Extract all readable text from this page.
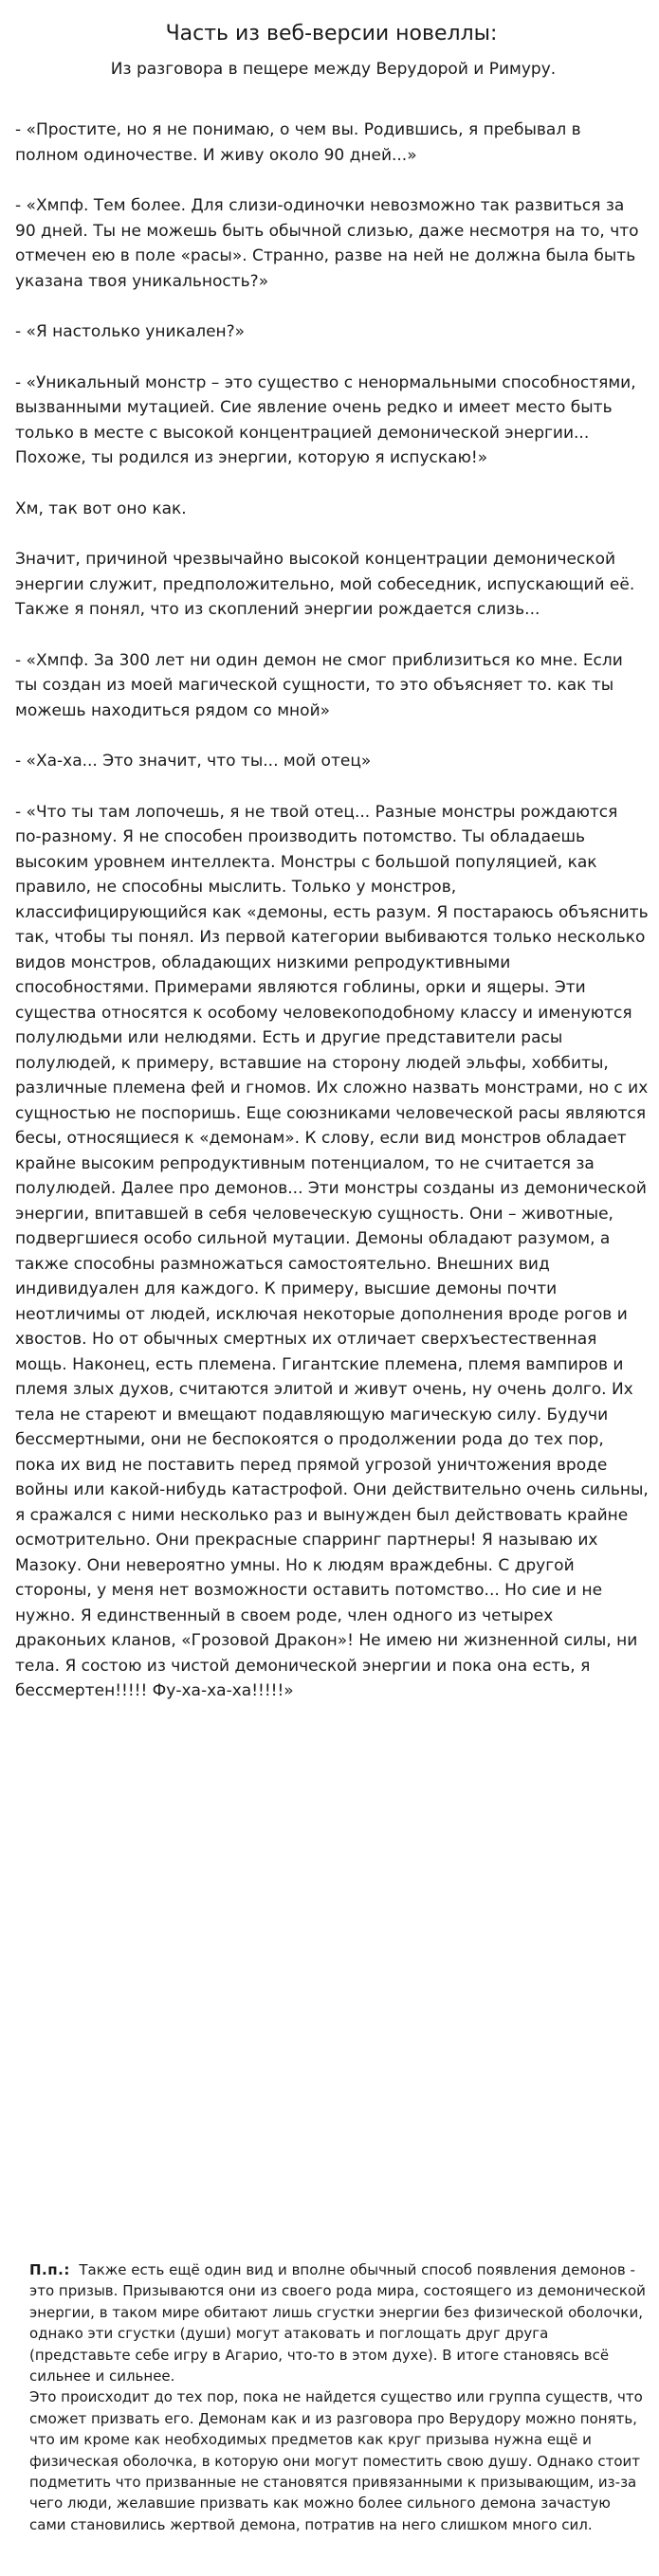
Часть из веб-версии новеллы:
Из разговора в пещере между Верудорой и Римуру.

- «Простите, но я не понимаю, о чем вы. Родившись, я пребывал в полном одиночестве. И живу около 90 дней...»

- «Хмпф. Тем более. Для слизи-одиночки невозможно так развиться за 90 дней. Ты не можешь быть обычной слизью, даже несмотря на то, что отмечен ею в поле «расы». Странно, разве на ней не должна была быть указана твоя уникальность?»

- «Я настолько уникален?»

- «Уникальный монстр – это существо с ненормальными способностями, вызванными мутацией. Сие явление очень редко и имеет место быть только в месте с высокой концентрацией демонической энергии... Похоже, ты родился из энергии, которую я испускаю!»

Хм, так вот оно как.

Значит, причиной чрезвычайно высокой концентрации демонической энергии служит, предположительно, мой собеседник, испускающий её. Также я понял, что из скоплений энергии рождается слизь...

- «Хмпф. За 300 лет ни один демон не смог приблизиться ко мне. Если ты создан из моей магической сущности, то это объясняет то. как ты можешь находиться рядом со мной»

- «Ха-ха... Это значит, что ты... мой отец»

- «Что ты там лопочешь, я не твой отец... Разные монстры рождаются по-разному. Я не способен производить потомство. Ты обладаешь высоким уровнем интеллекта. Монстры с большой популяцией, как правило, не способны мыслить. Только у монстров, классифицирующийся как «демоны, есть разум. Я постараюсь объяснить так, чтобы ты понял. Из первой категории выбиваются только несколько видов монстров, обладающих низкими репродуктивными способностями. Примерами являются гоблины, орки и ящеры. Эти существа относятся к особому человекоподобному классу и именуются полулюдьми или нелюдями. Есть и другие представители расы полулюдей, к примеру, вставшие на сторону людей эльфы, хоббиты, различные племена фей и гномов. Их сложно назвать монстрами, но с их сущностью не поспоришь. Еще союзниками человеческой расы являются бесы, относящиеся к «демонам». К слову, если вид монстров обладает крайне высоким репродуктивным потенциалом, то не считается за полулюдей. Далее про демонов... Эти монстры созданы из демонической энергии, впитавшей в себя человеческую сущность. Они – животные, подвергшиеся особо сильной мутации. Демоны обладают разумом, а также способны размножаться самостоятельно. Внешних вид индивидуален для каждого. К примеру, высшие демоны почти неотличимы от людей, исключая некоторые дополнения вроде рогов и хвостов. Но от обычных смертных их отличает сверхъестественная мощь. Наконец, есть племена. Гигантские племена, племя вампиров и племя злых духов, считаются элитой и живут очень, ну очень долго. Их тела не стареют и вмещают подавляющую магическую силу. Будучи бессмертными, они не беспокоятся о продолжении рода до тех пор, пока их вид не поставить перед прямой угрозой уничтожения вроде войны или какой-нибудь катастрофой. Они действительно очень сильны, я сражался с ними несколько раз и вынужден был действовать крайне осмотрительно. Они прекрасные спарринг партнеры! Я называю их Мазоку. Они невероятно умны. Но к людям враждебны. С другой стороны, у меня нет возможности оставить потомство... Но сие и не нужно. Я единственный в своем роде, член одного из четырех драконьих кланов, «Грозовой Дракон»! Не имею ни жизненной силы, ни тела. Я состою из чистой демонической энергии и пока она есть, я бессмертен!!!!! Фу-ха-ха-ха!!!!!»

П.п.: Также есть ещё один вид и вполне обычный способ появления демонов - это призыв. Призываются они из своего рода мира, состоящего из демонической энергии, в таком мире обитают лишь сгустки энергии без физической оболочки, однако эти сгустки (души) могут атаковать и поглощать друг друга (представьте себе игру в Агарио, что-то в этом духе). В итоге становясь всё сильнее и сильнее.

Это происходит до тех пор, пока не найдется существо или группа существ, что сможет призвать его. Демонам как и из разговора про Верудору можно понять, что им кроме как необходимых предметов как круг призыва нужна ещё и физическая оболочка, в которую они могут поместить свою душу. Однако стоит подметить что призванные не становятся привязанными к призывающим, из-за чего люди, желавшие призвать как можно более сильного демона зачастую сами становились жертвой демона, потратив на него слишком много сил.
